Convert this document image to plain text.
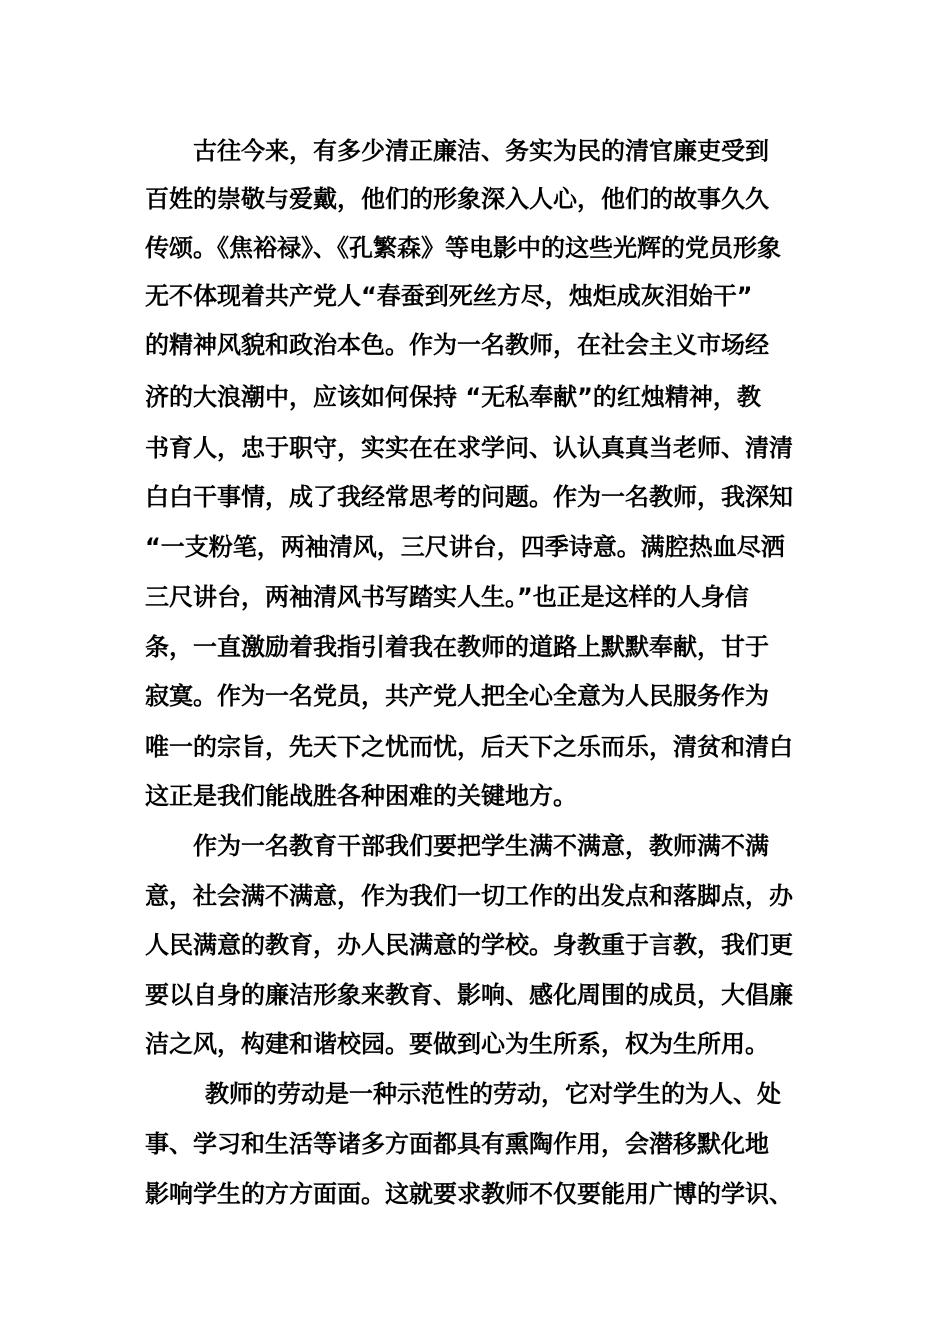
古往今来，有多少清正廉洁、务实为民的清官廉吏受到
百姓的崇敬与爱戴，他们的形象深入人心，他们的故事久久
传颂。《焦裕禄》、《孔繁森》等电影中的这些光辉的党员形象
无不体现着共产党人“春蚕到死丝方尽，烛炬成灰泪始干”
的精神风貌和政治本色。作为一名教师，在社会主义市场经
济的大浪潮中，应该如何保持 “无私奉献”的红烛精神，教
书育人，忠于职守，实实在在求学问、认认真真当老师、清清
白白干事情，成了我经常思考的问题。作为一名教师，我深知
“一支粉笔，两袖清风，三尺讲台，四季诗意。满腔热血尽洒
三尺讲台，两袖清风书写踏实人生。”也正是这样的人身信
条，一直激励着我指引着我在教师的道路上默默奉献，甘于
寂寞。作为一名党员，共产党人把全心全意为人民服务作为
唯一的宗旨，先天下之忧而忧，后天下之乐而乐，清贫和清白
这正是我们能战胜各种困难的关键地方。
作为一名教育干部我们要把学生满不满意，教师满不满
意，社会满不满意，作为我们一切工作的出发点和落脚点，办
人民满意的教育，办人民满意的学校。身教重于言教，我们更
要以自身的廉洁形象来教育、影响、感化周围的成员，大倡廉
洁之风，构建和谐校园。要做到心为生所系，权为生所用。
教师的劳动是一种示范性的劳动，它对学生的为人、处
事、学习和生活等诸多方面都具有熏陶作用，会潜移默化地
影响学生的方方面面。这就要求教师不仅要能用广博的学识、
